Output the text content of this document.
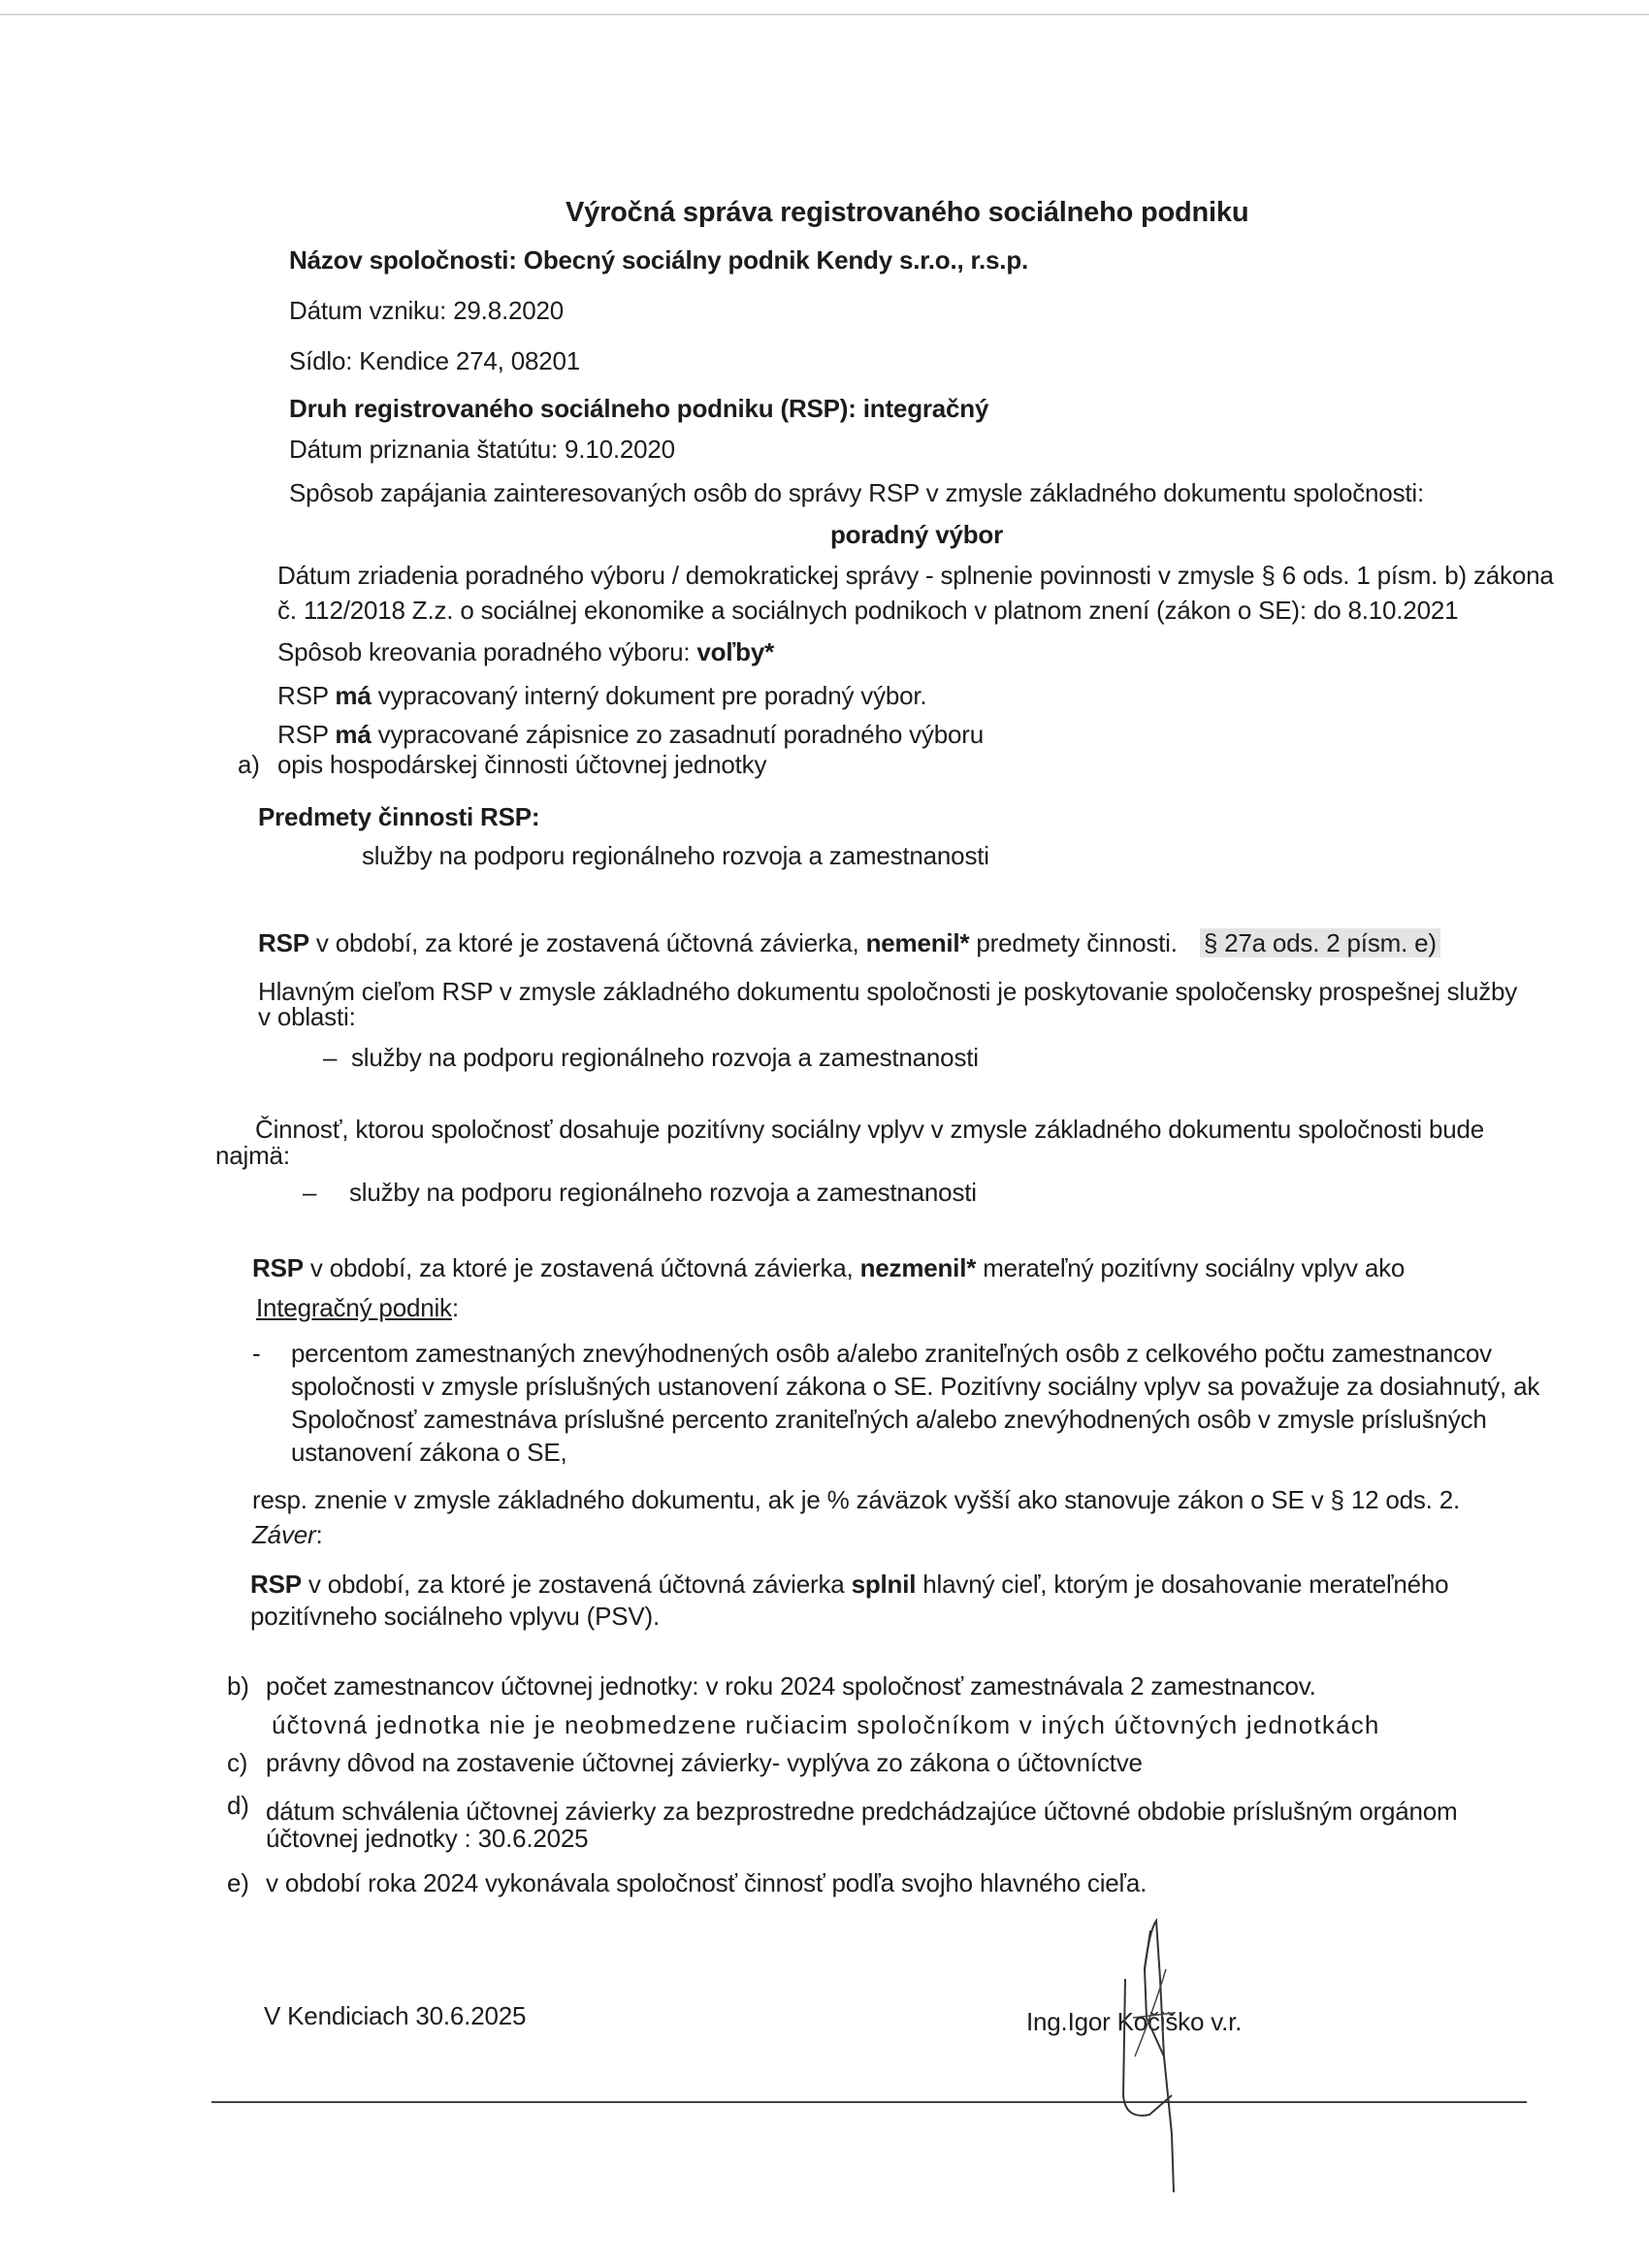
Výročná správa registrovaného sociálneho podniku
Názov spoločnosti: Obecný sociálny podnik Kendy s.r.o., r.s.p.
Dátum vzniku: 29.8.2020
Sídlo: Kendice 274, 08201
Druh registrovaného sociálneho podniku (RSP): integračný
Dátum priznania štatútu: 9.10.2020
Spôsob zapájania zainteresovaných osôb do správy RSP v zmysle základného dokumentu spoločnosti:
poradný výbor
Dátum zriadenia poradného výboru / demokratickej správy - splnenie povinnosti v zmysle § 6 ods. 1 písm. b) zákona
č. 112/2018 Z.z. o sociálnej ekonomike a sociálnych podnikoch v platnom znení (zákon o SE): do 8.10.2021
Spôsob kreovania poradného výboru: voľby*
RSP má vypracovaný interný dokument pre poradný výbor.
RSP má vypracované zápisnice zo zasadnutí poradného výboru
a) opis hospodárskej činnosti účtovnej jednotky
Predmety činnosti RSP:
služby na podporu regionálneho rozvoja a zamestnanosti
RSP v období, za ktoré je zostavená účtovná závierka, nemenil* predmety činnosti. § 27a ods. 2 písm. e)
Hlavným cieľom RSP v zmysle základného dokumentu spoločnosti je poskytovanie spoločensky prospešnej služby
v oblasti:
– služby na podporu regionálneho rozvoja a zamestnanosti
Činnosť, ktorou spoločnosť dosahuje pozitívny sociálny vplyv v zmysle základného dokumentu spoločnosti bude
najmä:
– služby na podporu regionálneho rozvoja a zamestnanosti
RSP v období, za ktoré je zostavená účtovná závierka, nezmenil* merateľný pozitívny sociálny vplyv ako
Integračný podnik:
- percentom zamestnaných znevýhodnených osôb a/alebo zraniteľných osôb z celkového počtu zamestnancov
spoločnosti v zmysle príslušných ustanovení zákona o SE. Pozitívny sociálny vplyv sa považuje za dosiahnutý, ak
Spoločnosť zamestnáva príslušné percento zraniteľných a/alebo znevýhodnených osôb v zmysle príslušných
ustanovení zákona o SE,
resp. znenie v zmysle základného dokumentu, ak je % záväzok vyšší ako stanovuje zákon o SE v § 12 ods. 2.
Záver:
RSP v období, za ktoré je zostavená účtovná závierka splnil hlavný cieľ, ktorým je dosahovanie merateľného
pozitívneho sociálneho vplyvu (PSV).
b) počet zamestnancov účtovnej jednotky: v roku 2024 spoločnosť zamestnávala 2 zamestnancov.
účtovná jednotka nie je neobmedzene ručiacim spoločníkom v iných účtovných jednotkách
c) právny dôvod na zostavenie účtovnej závierky- vyplýva zo zákona o účtovníctve
d) dátum schválenia účtovnej závierky za bezprostredne predchádzajúce účtovné obdobie príslušným orgánom
účtovnej jednotky : 30.6.2025
e) v období roka 2024 vykonávala spoločnosť činnosť podľa svojho hlavného cieľa.
V Kendiciach 30.6.2025	Ing.Igor Kočiško v.r.
